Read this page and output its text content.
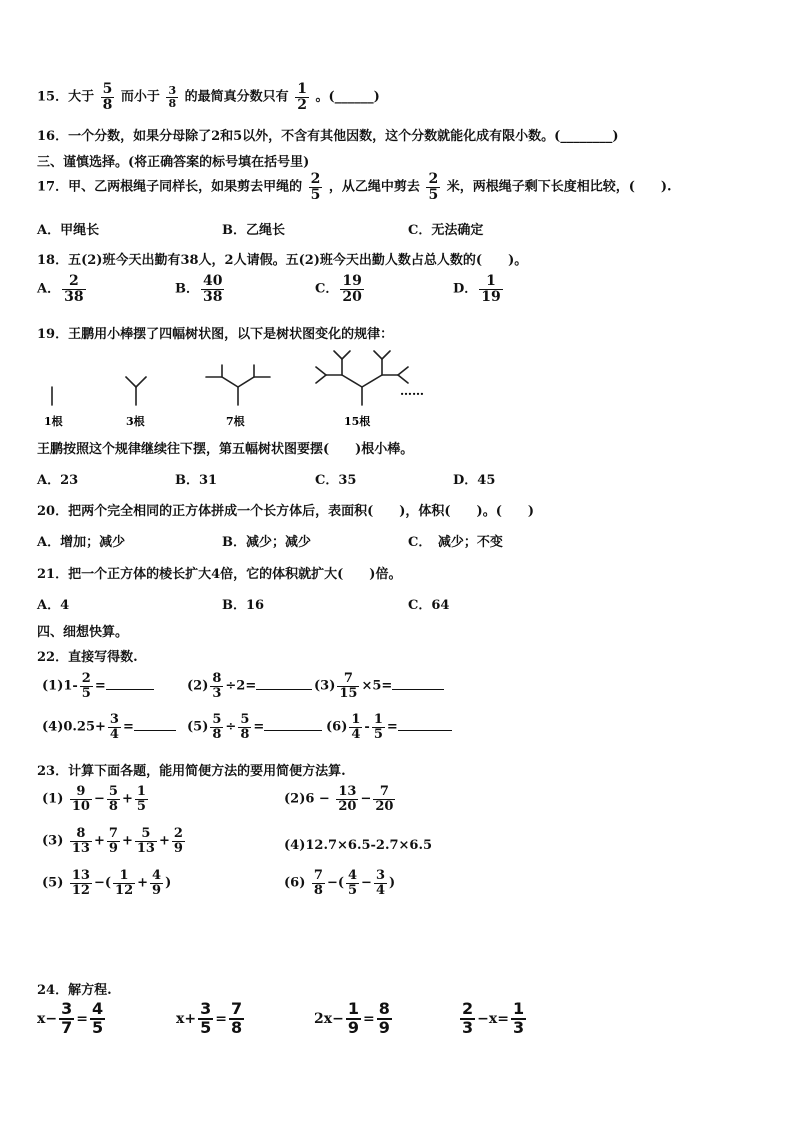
15．大于 $\frac{5}{8}$ 而小于 $\frac{3}{8}$ 的最简真分数只有 $\frac{1}{2}$ 。(______)
16．一个分数，如果分母除了2和5以外，不含有其他因数，这个分数就能化成有限小数。(________)
三、谨慎选择。(将正确答案的标号填在括号里)
17．甲、乙两根绳子同样长，如果剪去甲绳的 $\frac{2}{5}$ ，从乙绳中剪去 $\frac{2}{5}$ 米，两根绳子剩下长度相比较，(　　).
A．甲绳长	B．乙绳长	C．无法确定
18．五(2)班今天出勤有38人，2人请假。五(2)班今天出勤人数占总人数的(　　)。
A． $\frac{2}{38}$	B． $\frac{40}{38}$	C． $\frac{19}{20}$	D． $\frac{1}{19}$
19．王鹏用小棒摆了四幅树状图，以下是树状图变化的规律：
1根	3根	7根	15根
……
王鹏按照这个规律继续往下摆，第五幅树状图要摆(　　)根小棒。
A．23	B．31	C．35	D．45
20．把两个完全相同的正方体拼成一个长方体后，表面积(　　)，体积(　　)。(　　)
A．增加；减少	B．减少；减少	C．　减少；不变
21．把一个正方体的棱长扩大4倍，它的体积就扩大(　　)倍。
A．4	B．16	C．64
四、细想快算。
22．直接写得数.
$(1)1- \frac{2}{5}$ =	$(2) \frac{8}{3} \div 2=$	$(3) \frac{7}{15} \times 5=$
$(4)0.25+ \frac{3}{4}$ =	$(5) \frac{5}{8} \div \frac{5}{8}$ =	$(6) \frac{1}{4} - \frac{1}{5}$ =
23．计算下面各题，能用简便方法的要用简便方法算.
$(1) \frac{9}{10} - \frac{5}{8} + \frac{1}{5}$	$(2)6 - \frac{13}{20} - \frac{7}{20}$
$(3) \frac{8}{13} + \frac{7}{9} + \frac{5}{13} + \frac{2}{9}$	(4)12.7×6.5-2.7×6.5
$(5) \frac{13}{12}$ −( $\frac{1}{12} + \frac{4}{9}$ )	$(6) \frac{7}{8}$ −( $\frac{4}{5} - \frac{3}{4}$ )
24．解方程.
$x- \frac{3}{7} = \frac{4}{5}$	$x+ \frac{3}{5} = \frac{7}{8}$	$2x- \frac{1}{9} = \frac{8}{9}$	$\frac{2}{3} -x= \frac{1}{3}$
